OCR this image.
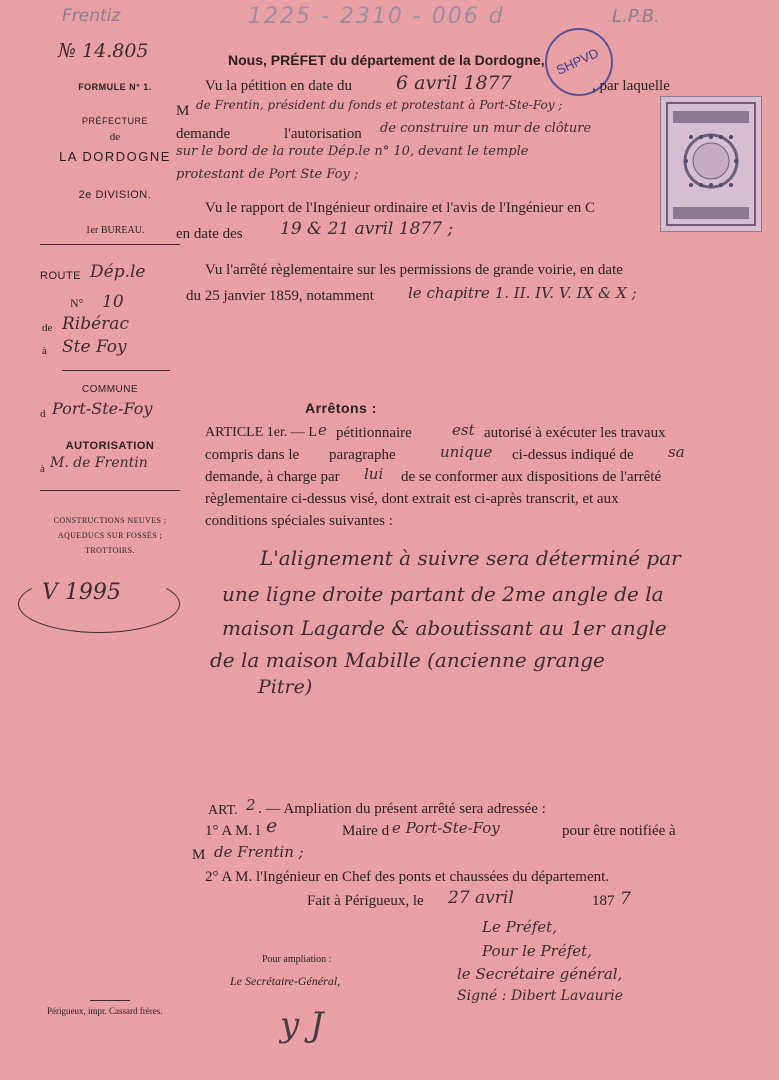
Frentiz	1225 - 2310 - 006 d	L.P.B.
SHPVD
№ 14.805
FORMULE N° 1.
PRÉFECTURE
de
LA DORDOGNE
2e DIVISION.
1er BUREAU.
ROUTE Dép.le
N° 10
de Ribérac
à Ste Foy
COMMUNE
d Port-Ste-Foy
AUTORISATION
à M. de Frentin
CONSTRUCTIONS NEUVES ;
AQUEDUCS SUR FOSSÉS ;
TROTTOIRS.
V 1995
Périgueux, impr. Cassard frères.
Nous, PRÉFET du département de la Dordogne,
Vu la pétition en date du 6 avril 1877	, par laquelle
M de Frentin, président du fonds et protestant à Port-Ste-Foy ;
demande	l'autorisation de construire un mur de clôture
sur le bord de la route Dép.le n° 10, devant le temple
protestant de Port Ste Foy ;
Vu le rapport de l'Ingénieur ordinaire et l'avis de l'Ingénieur en C
en date des 19 & 21 avril 1877 ;
Vu l'arrêté règlementaire sur les permissions de grande voirie, en date
du 25 janvier 1859, notamment le chapitre 1. II. IV. V. IX & X ;
Arrêtons :
ARTICLE 1er. — L e pétitionnaire	est autorisé à exécuter les travaux
compris dans le paragraphe	unique ci-dessus indiqué de sa
demande, à charge par lui de se conformer aux dispositions de l'arrêté
règlementaire ci-dessus visé, dont extrait est ci-après transcrit, et aux
conditions spéciales suivantes :
L'alignement à suivre sera déterminé par
une ligne droite partant de 2me angle de la
maison Lagarde & aboutissant au 1er angle
de la maison Mabille (ancienne grange
Pitre)
ART. 2 . — Ampliation du présent arrêté sera adressée :
1° A M. l e	Maire d e Port-Ste-Foy	pour être notifiée à
M de Frentin ;
2° A M. l'Ingénieur en Chef des ponts et chaussées du département.
Fait à Périgueux, le 27 avril	187 7
Le Préfet,
Pour le Préfet,
le Secrétaire général,
Signé : Dibert Lavaurie
Pour ampliation :
Le Secrétaire-Général,
y J
